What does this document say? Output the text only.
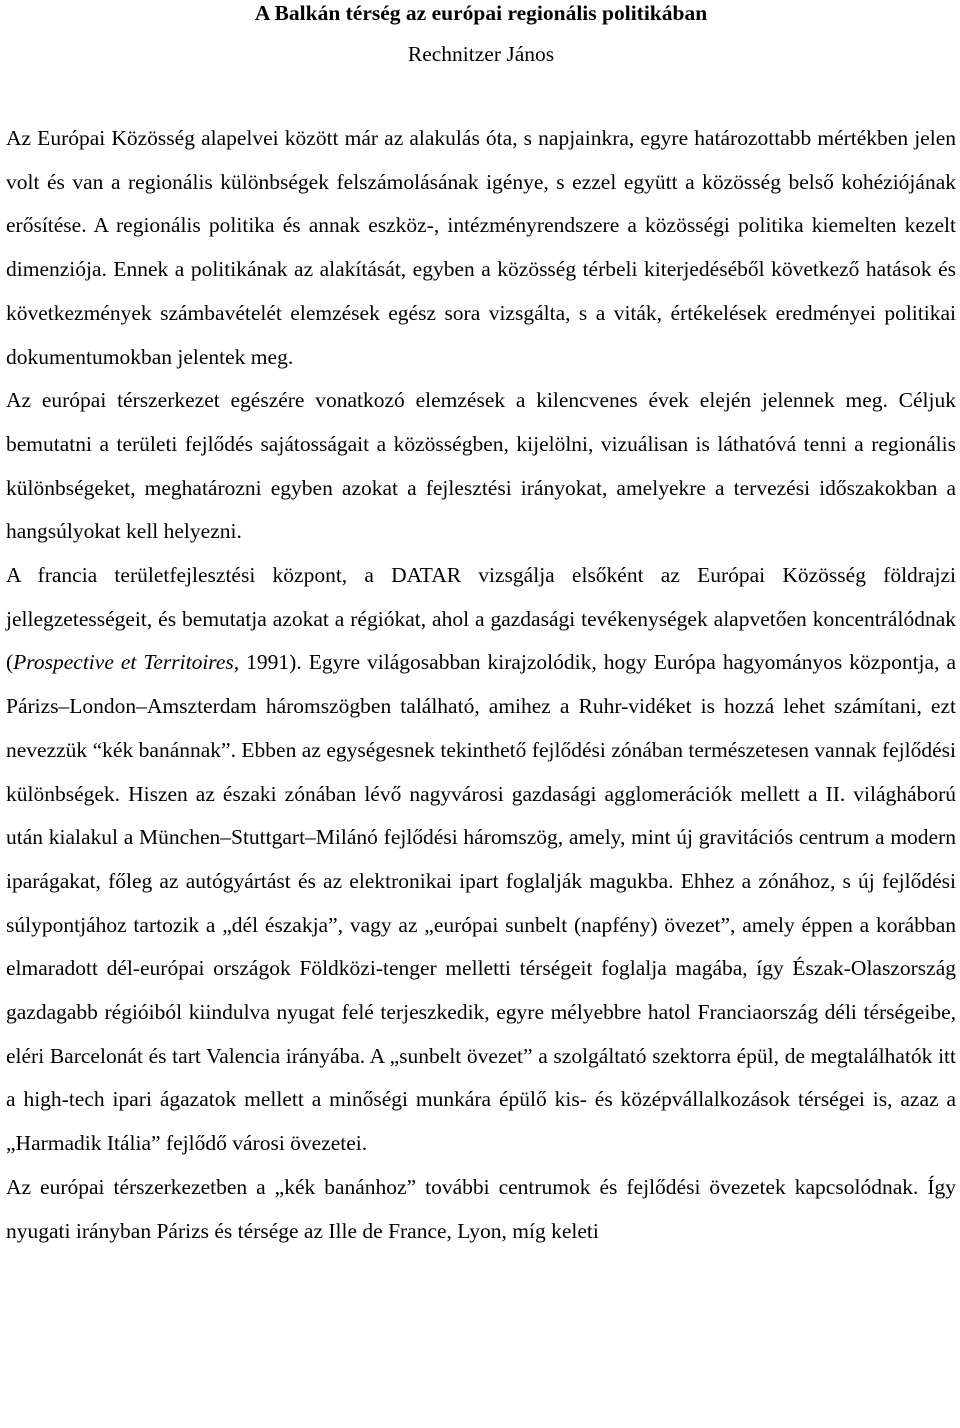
A Balkán térség az európai regionális politikában
Rechnitzer János

Az Európai Közösség alapelvei között már az alakulás óta, s napjainkra, egyre határozottabb mértékben jelen volt és van a regionális különbségek felszámolásának igénye, s ezzel együtt a közösség belső kohéziójának erősítése. A regionális politika és annak eszköz-, intézményrendszere a közösségi politika kiemelten kezelt dimenziója. Ennek a politikának az alakítását, egyben a közösség térbeli kiterjedéséből következő hatások és következmények számbavételét elemzések egész sora vizsgálta, s a viták, értékelések eredményei politikai dokumentumokban jelentek meg.

Az európai térszerkezet egészére vonatkozó elemzések a kilencvenes évek elején jelennek meg. Céljuk bemutatni a területi fejlődés sajátosságait a közösségben, kijelölni, vizuálisan is láthatóvá tenni a regionális különbségeket, meghatározni egyben azokat a fejlesztési irányokat, amelyekre a tervezési időszakokban a hangsúlyokat kell helyezni.

A francia területfejlesztési központ, a DATAR vizsgálja elsőként az Európai Közösség földrajzi jellegzetességeit, és bemutatja azokat a régiókat, ahol a gazdasági tevékenységek alapvetően koncentrálódnak (Prospective et Territoires, 1991). Egyre világosabban kirajzolódik, hogy Európa hagyományos központja, a Párizs–London–Amszterdam háromszögben található, amihez a Ruhr-vidéket is hozzá lehet számítani, ezt nevezzük “kék banánnak”. Ebben az egységesnek tekinthető fejlődési zónában természetesen vannak fejlődési különbségek. Hiszen az északi zónában lévő nagyvárosi gazdasági agglomerációk mellett a II. világháború után kialakul a München–Stuttgart–Milánó fejlődési háromszög, amely, mint új gravitációs centrum a modern iparágakat, főleg az autógyártást és az elektronikai ipart foglalják magukba. Ehhez a zónához, s új fejlődési súlypontjához tartozik a „dél északja”, vagy az „európai sunbelt (napfény) övezet”, amely éppen a korábban elmaradott dél-európai országok Földközi-tenger melletti térségeit foglalja magába, így Észak-Olaszország gazdagabb régióiból kiindulva nyugat felé terjeszkedik, egyre mélyebbre hatol Franciaország déli térségeibe, eléri Barcelonát és tart Valencia irányába. A „sunbelt övezet” a szolgáltató szektorra épül, de megtalálhatók itt a high-tech ipari ágazatok mellett a minőségi munkára épülő kis- és középvállalkozások térségei is, azaz a „Harmadik Itália” fejlődő városi övezetei.

Az európai térszerkezetben a „kék banánhoz” további centrumok és fejlődési övezetek kapcsolódnak. Így nyugati irányban Párizs és térsége az Ille de France, Lyon, míg keleti
